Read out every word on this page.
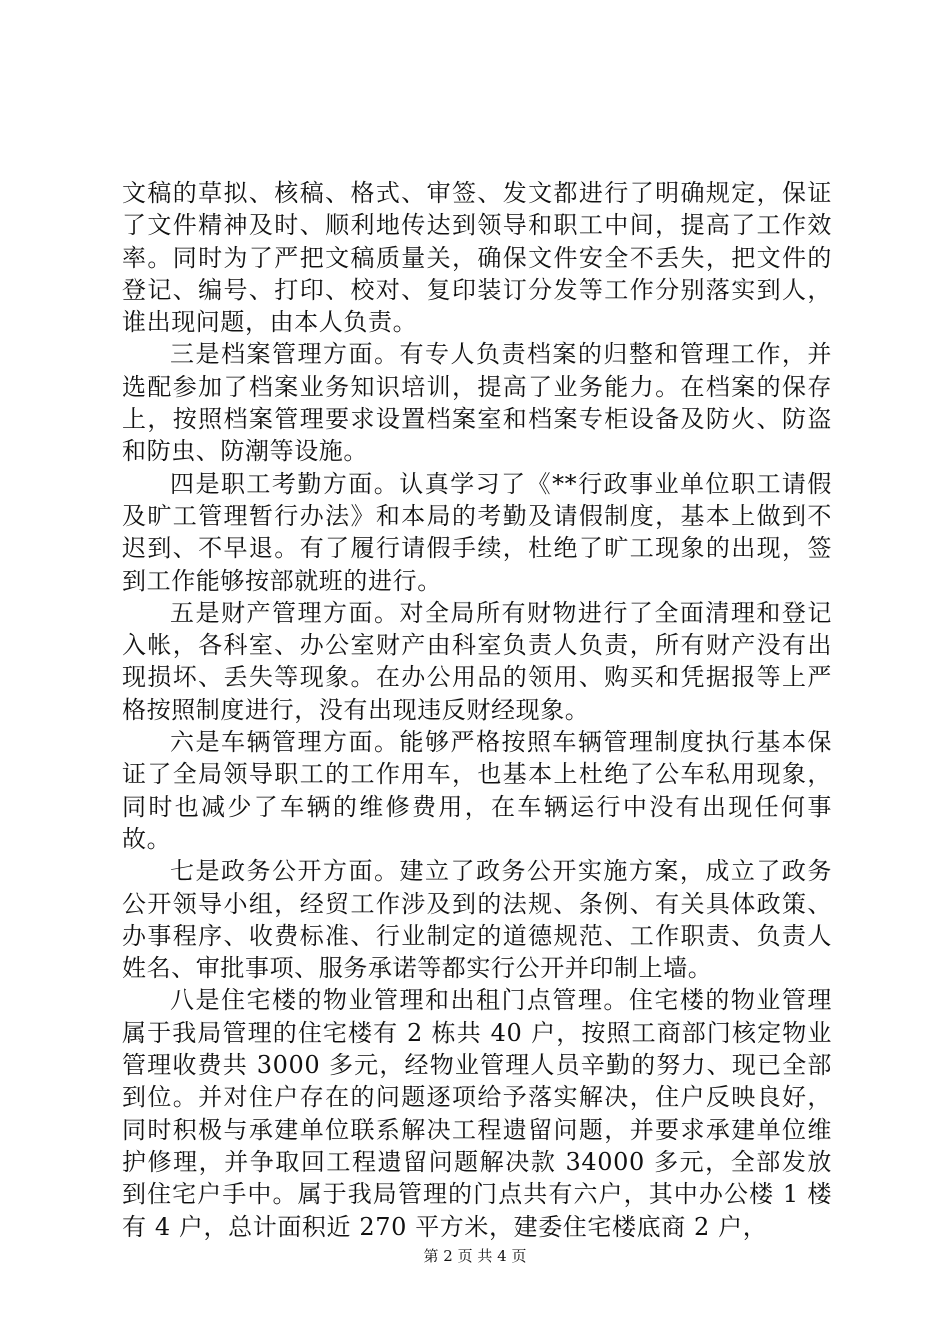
文稿的草拟、核稿、格式、审签、发文都进行了明确规定，保证了文件精神及时、顺利地传达到领导和职工中间，提高了工作效率。同时为了严把文稿质量关，确保文件安全不丢失，把文件的登记、编号、打印、校对、复印装订分发等工作分别落实到人，谁出现问题，由本人负责。

三是档案管理方面。有专人负责档案的归整和管理工作，并选配参加了档案业务知识培训，提高了业务能力。在档案的保存上，按照档案管理要求设置档案室和档案专柜设备及防火、防盗和防虫、防潮等设施。

四是职工考勤方面。认真学习了《**行政事业单位职工请假及旷工管理暂行办法》和本局的考勤及请假制度，基本上做到不迟到、不早退。有了履行请假手续，杜绝了旷工现象的出现，签到工作能够按部就班的进行。

五是财产管理方面。对全局所有财物进行了全面清理和登记入帐，各科室、办公室财产由科室负责人负责，所有财产没有出现损坏、丢失等现象。在办公用品的领用、购买和凭据报等上严格按照制度进行，没有出现违反财经现象。

六是车辆管理方面。能够严格按照车辆管理制度执行基本保证了全局领导职工的工作用车，也基本上杜绝了公车私用现象，同时也减少了车辆的维修费用，在车辆运行中没有出现任何事故。

七是政务公开方面。建立了政务公开实施方案，成立了政务公开领导小组，经贸工作涉及到的法规、条例、有关具体政策、办事程序、收费标准、行业制定的道德规范、工作职责、负责人姓名、审批事项、服务承诺等都实行公开并印制上墙。

八是住宅楼的物业管理和出租门点管理。住宅楼的物业管理属于我局管理的住宅楼有 2 栋共 40 户，按照工商部门核定物业管理收费共 3000 多元，经物业管理人员辛勤的努力、现已全部到位。并对住户存在的问题逐项给予落实解决，住户反映良好，同时积极与承建单位联系解决工程遗留问题，并要求承建单位维护修理，并争取回工程遗留问题解决款 34000 多元，全部发放到住宅户手中。属于我局管理的门点共有六户，其中办公楼 1 楼有 4 户，总计面积近 270 平方米，建委住宅楼底商 2 户，

第 2 页 共 4 页
